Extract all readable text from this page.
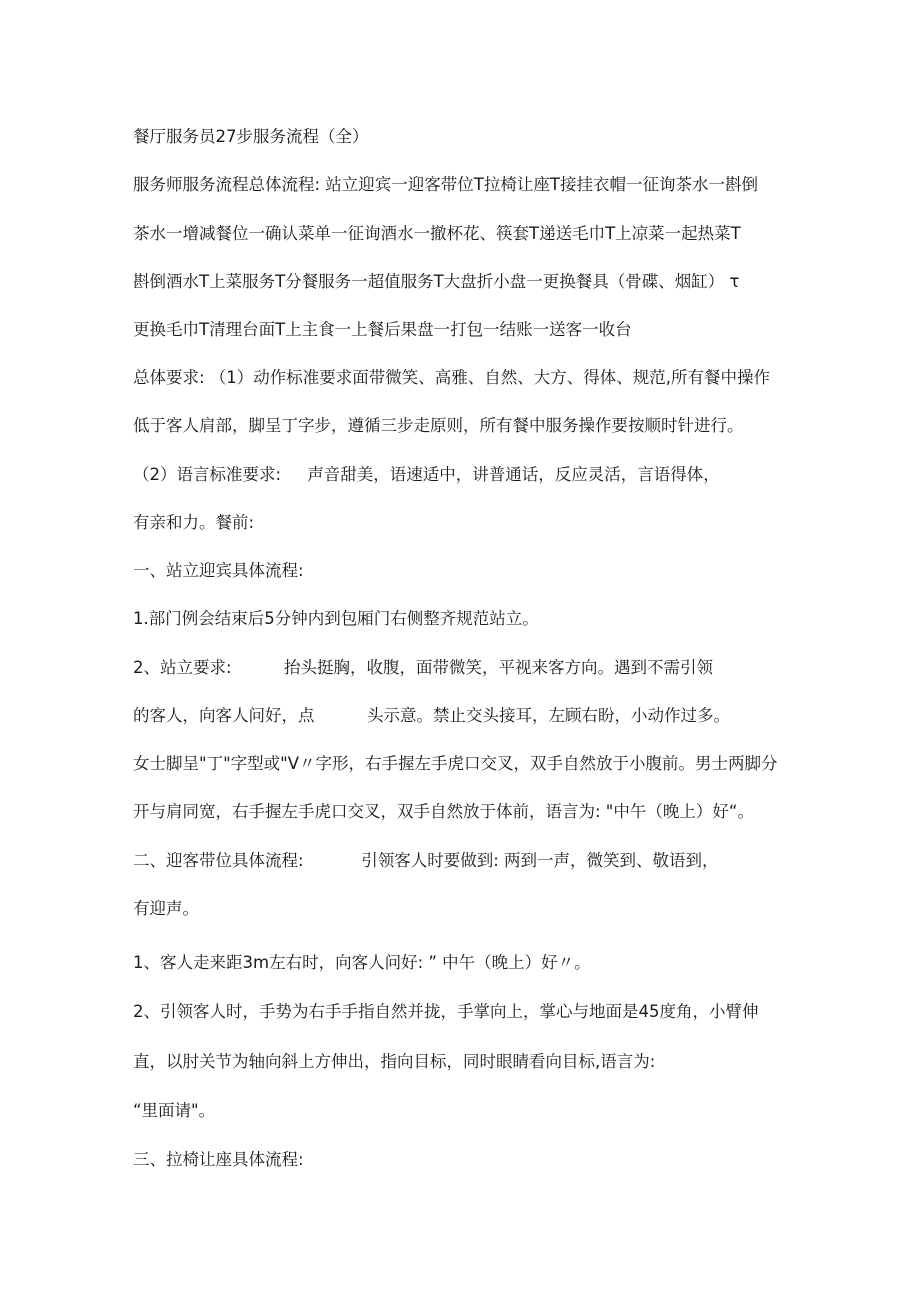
餐厅服务员27步服务流程（全）
服务师服务流程总体流程: 站立迎宾一迎客带位T拉椅让座T接挂衣帽一征询茶水一斟倒
茶水一增减餐位一确认菜单一征询酒水一撤杯花、筷套T递送毛巾T上凉菜一起热菜T
斟倒酒水T上菜服务T分餐服务一超值服务T大盘折小盘一更换餐具（骨碟、烟缸） τ
更换毛巾T清理台面T上主食一上餐后果盘一打包一结账一送客一收台
总体要求: （1）动作标准要求面带微笑、高雅、自然、大方、得体、规范,所有餐中操作
低于客人肩部，脚呈丁字步，遵循三步走原则，所有餐中服务操作要按顺时针进行。
（2）语言标准要求:     声音甜美，语速适中，讲普通话，反应灵活，言语得体，
有亲和力。餐前:
一、站立迎宾具体流程:
1.部门例会结束后5分钟内到包厢门右侧整齐规范站立。
2、站立要求:          抬头挺胸，收腹，面带微笑，平视来客方向。遇到不需引领
的客人，向客人问好，点          头示意。禁止交头接耳，左顾右盼，小动作过多。
女士脚呈"丁"字型或"V〃字形，右手握左手虎口交叉，双手自然放于小腹前。男士两脚分
开与肩同宽，右手握左手虎口交叉，双手自然放于体前，语言为: "中午（晚上）好“。
二、迎客带位具体流程:           引领客人时要做到: 两到一声，微笑到、敬语到，
有迎声。
1、客人走来距3m左右时，向客人问好: ” 中午（晚上）好〃。
2、引领客人时，手势为右手手指自然并拢，手掌向上，掌心与地面是45度角，小臂伸
直，以肘关节为轴向斜上方伸出，指向目标，同时眼睛看向目标,语言为:
“里面请"。
三、拉椅让座具体流程:
